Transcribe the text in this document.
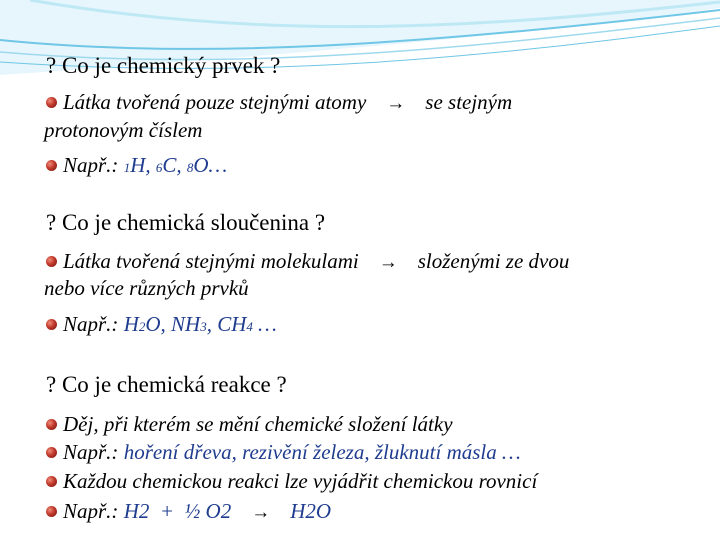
? Co je chemický prvek ?
Látka tvořená pouze stejnými atomy → se stejným
protonovým číslem
Např.: 1H, 6C, 8O…
? Co je chemická sloučenina ?
Látka tvořená stejnými molekulami → složenými ze dvou
nebo více různých prvků
Např.: H2O, NH3, CH4 …
? Co je chemická reakce ?
Děj, při kterém se mění chemické složení látky
Např.: hoření dřeva, rezivění železa, žluknutí másla …
Každou chemickou reakci lze vyjádřit chemickou rovnicí
Např.: H2  +  ½ O2 → H2O
